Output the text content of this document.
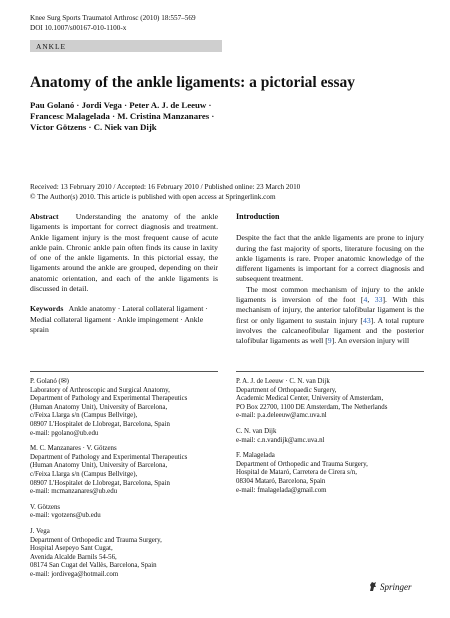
Knee Surg Sports Traumatol Arthrosc (2010) 18:557–569
DOI 10.1007/s00167-010-1100-x
ANKLE
Anatomy of the ankle ligaments: a pictorial essay
Pau Golanó · Jordi Vega · Peter A. J. de Leeuw ·
Francesc Malagelada · M. Cristina Manzanares ·
Víctor Götzens · C. Niek van Dijk
Received: 13 February 2010 / Accepted: 16 February 2010 / Published online: 23 March 2010
© The Author(s) 2010. This article is published with open access at Springerlink.com

Abstract Understanding the anatomy of the ankle ligaments is important for correct diagnosis and treatment. Ankle ligament injury is the most frequent cause of acute ankle pain. Chronic ankle pain often finds its cause in laxity of one of the ankle ligaments. In this pictorial essay, the ligaments around the ankle are grouped, depending on their anatomic orientation, and each of the ankle ligaments is discussed in detail.

Keywords Ankle anatomy · Lateral collateral ligament · Medial collateral ligament · Ankle impingement · Ankle sprain

Introduction

Despite the fact that the ankle ligaments are prone to injury during the fast majority of sports, literature focusing on the ankle ligaments is rare. Proper anatomic knowledge of the different ligaments is important for a correct diagnosis and subsequent treatment.

The most common mechanism of injury to the ankle ligaments is inversion of the foot [4, 33]. With this mechanism of injury, the anterior talofibular ligament is the first or only ligament to sustain injury [43]. A total rupture involves the calcaneofibular ligament and the posterior talofibular ligaments as well [9]. An eversion injury will

P. Golanó (✉)
Laboratory of Arthroscopic and Surgical Anatomy,
Department of Pathology and Experimental Therapeutics
(Human Anatomy Unit), University of Barcelona,
c/Feixa Llarga s/n (Campus Bellvitge),
08907 L'Hospitalet de Llobregat, Barcelona, Spain
e-mail: pgolano@ub.edu
M. C. Manzanares · V. Götzens
Department of Pathology and Experimental Therapeutics
(Human Anatomy Unit), University of Barcelona,
c/Feixa Llarga s/n (Campus Bellvitge),
08907 L'Hospitalet de Llobregat, Barcelona, Spain
e-mail: mcmanzanares@ub.edu
V. Götzens
e-mail: vgotzens@ub.edu
J. Vega
Department of Orthopedic and Trauma Surgery,
Hospital Asepeyo Sant Cugat,
Avenida Alcalde Barnils 54-56,
08174 San Cugat del Vallès, Barcelona, Spain
e-mail: jordivega@hotmail.com
P. A. J. de Leeuw · C. N. van Dijk
Department of Orthopaedic Surgery,
Academic Medical Center, University of Amsterdam,
PO Box 22700, 1100 DE Amsterdam, The Netherlands
e-mail: p.a.deleeuw@amc.uva.nl
C. N. van Dijk
e-mail: c.n.vandijk@amc.uva.nl
F. Malagelada
Department of Orthopedic and Trauma Surgery,
Hospital de Mataró, Carretera de Cirera s/n,
08304 Mataró, Barcelona, Spain
e-mail: fmalagelada@gmail.com
Springer
